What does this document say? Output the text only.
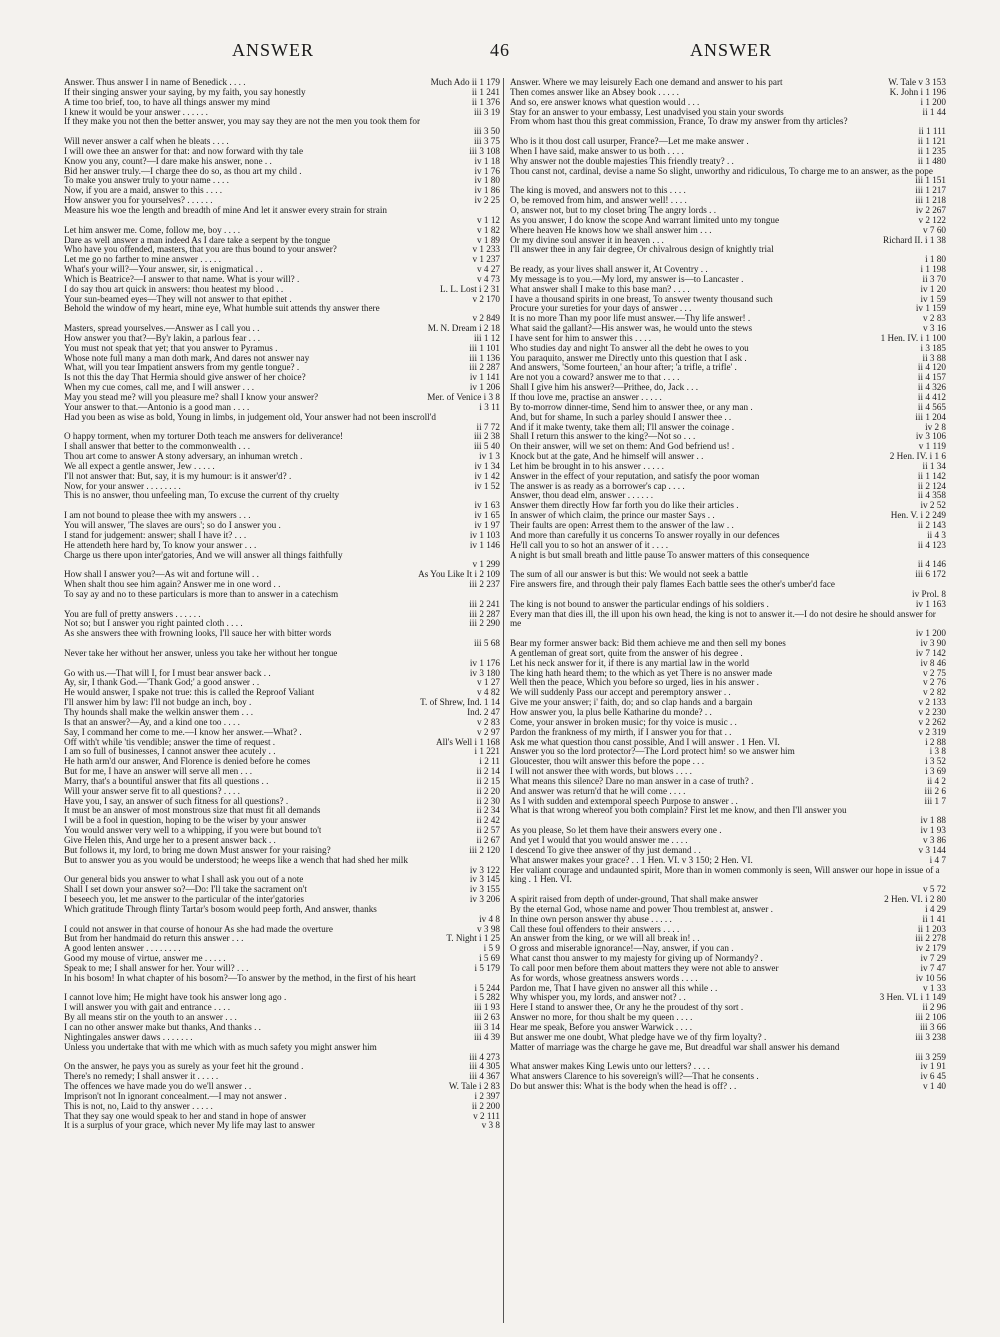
ANSWER	46	ANSWER
Answer. Thus answer I in name of Benedick . . . .	Much Ado ii 1 179
If their singing answer your saying, by my faith, you say honestly	ii 1 241
A time too brief, too, to have all things answer my mind	ii 1 376
I knew it would be your answer . . . . . .	iii 3 19
If they make you not then the better answer, you may say they are not the men you took them for
iii 3 50
Will never answer a calf when he bleats . . . .	iii 3 75
I will owe thee an answer for that: and now forward with thy tale	iii 3 108
Know you any, count?—I dare make his answer, none . .	iv 1 18
Bid her answer truly.—I charge thee do so, as thou art my child .	iv 1 76
To make you answer truly to your name . . . .	iv 1 80
Now, if you are a maid, answer to this . . . .	iv 1 86
How answer you for yourselves? . . . . . .	iv 2 25
Measure his woe the length and breadth of mine And let it answer every strain for strain
v 1 12
Let him answer me. Come, follow me, boy . . . .	v 1 82
Dare as well answer a man indeed As I dare take a serpent by the tongue	v 1 89
Who have you offended, masters, that you are thus bound to your answer?	v 1 233
Let me go no farther to mine answer . . . . .	v 1 237
What's your will?—Your answer, sir, is enigmatical . .	v 4 27
Which is Beatrice?—I answer to that name. What is your will? .	v 4 73
I do say thou art quick in answers: thou heatest my blood . .	L. L. Lost i 2 31
Your sun-beamed eyes—They will not answer to that epithet .	v 2 170
Behold the window of my heart, mine eye, What humble suit attends thy answer there
v 2 849
Masters, spread yourselves.—Answer as I call you . .	M. N. Dream i 2 18
How answer you that?—By'r lakin, a parlous fear . . .	iii 1 12
You must not speak that yet; that you answer to Pyramus .	iii 1 101
Whose note full many a man doth mark, And dares not answer nay	iii 1 136
What, will you tear Impatient answers from my gentle tongue? .	iii 2 287
Is not this the day That Hermia should give answer of her choice?	iv 1 141
When my cue comes, call me, and I will answer . . .	iv 1 206
May you stead me? will you pleasure me? shall I know your answer?	Mer. of Venice i 3 8
Your answer to that.—Antonio is a good man . . . .	i 3 11
Had you been as wise as bold, Young in limbs, in judgement old, Your answer had not been inscroll'd
ii 7 72
O happy torment, when my torturer Doth teach me answers for deliverance!	iii 2 38
I shall answer that better to the commonwealth . . .	iii 5 40
Thou art come to answer A stony adversary, an inhuman wretch .	iv 1 3
We all expect a gentle answer, Jew . . . . .	iv 1 34
I'll not answer that: But, say, it is my humour: is it answer'd? .	iv 1 42
Now, for your answer . . . . . . . .	iv 1 52
This is no answer, thou unfeeling man, To excuse the current of thy cruelty
iv 1 63
I am not bound to please thee with my answers . . .	iv 1 65
You will answer, 'The slaves are ours'; so do I answer you .	iv 1 97
I stand for judgement: answer; shall I have it? . . .	iv 1 103
He attendeth here hard by, To know your answer . . .	iv 1 146
Charge us there upon inter'gatories, And we will answer all things faithfully
v 1 299
How shall I answer you?—As wit and fortune will . .	As You Like It i 2 109
When shalt thou see him again? Answer me in one word . .	iii 2 237
To say ay and no to these particulars is more than to answer in a catechism
iii 2 241
You are full of pretty answers . . . . . .	iii 2 287
Not so; but I answer you right painted cloth . . . .	iii 2 290
As she answers thee with frowning looks, I'll sauce her with bitter words
iii 5 68
Never take her without her answer, unless you take her without her tongue
iv 1 176
Go with us.—That will I, for I must bear answer back . .	iv 3 180
Ay, sir, I thank God.—'Thank God;' a good answer . .	v 1 27
He would answer, I spake not true: this is called the Reproof Valiant	v 4 82
I'll answer him by law: I'll not budge an inch, boy .	T. of Shrew, Ind. 1 14
Thy hounds shall make the welkin answer them . . .	Ind. 2 47
Is that an answer?—Ay, and a kind one too . . . .	v 2 83
Say, I command her come to me.—I know her answer.—What? .	v 2 97
Off with't while 'tis vendible; answer the time of request .	All's Well i 1 168
I am so full of businesses, I cannot answer thee acutely . .	i 1 221
He hath arm'd our answer, And Florence is denied before he comes	i 2 11
But for me, I have an answer will serve all men . . .	ii 2 14
Marry, that's a bountiful answer that fits all questions . .	ii 2 15
Will your answer serve fit to all questions? . . . .	ii 2 20
Have you, I say, an answer of such fitness for all questions? .	ii 2 30
It must be an answer of most monstrous size that must fit all demands	ii 2 34
I will be a fool in question, hoping to be the wiser by your answer	ii 2 42
You would answer very well to a whipping, if you were but bound to't	ii 2 57
Give Helen this, And urge her to a present answer back . .	ii 2 67
But follows it, my lord, to bring me down Must answer for your raising?	iii 2 120
But to answer you as you would be understood; he weeps like a wench that had shed her milk
iv 3 122
Our general bids you answer to what I shall ask you out of a note	iv 3 145
Shall I set down your answer so?—Do: I'll take the sacrament on't	iv 3 155
I beseech you, let me answer to the particular of the inter'gatories	iv 3 206
Which gratitude Through flinty Tartar's bosom would peep forth, And answer, thanks
iv 4 8
I could not answer in that course of honour As she had made the overture	v 3 98
But from her handmaid do return this answer . . .	T. Night i 1 25
A good lenten answer . . . . . . . .	i 5 9
Good my mouse of virtue, answer me . . . . .	i 5 69
Speak to me; I shall answer for her. Your will? . . .	i 5 179
In his bosom! In what chapter of his bosom?—To answer by the method, in the first of his heart
i 5 244
I cannot love him; He might have took his answer long ago .	i 5 282
I will answer you with gait and entrance . . . .	iii 1 93
By all means stir on the youth to an answer . . .	iii 2 63
I can no other answer make but thanks, And thanks . .	iii 3 14
Nightingales answer daws . . . . . . .	iii 4 39
Unless you undertake that with me which with as much safety you might answer him
iii 4 273
On the answer, he pays you as surely as your feet hit the ground .	iii 4 305
There's no remedy; I shall answer it . . . . .	iii 4 367
The offences we have made you do we'll answer . .	W. Tale i 2 83
Imprison't not In ignorant concealment.—I may not answer .	i 2 397
This is not, no, Laid to thy answer . . . . .	ii 2 200
That they say one would speak to her and stand in hope of answer	v 2 111
It is a surplus of your grace, which never My life may last to answer	v 3 8
Answer. Where we may leisurely Each one demand and answer to his part	W. Tale v 3 153
Then comes answer like an Absey book . . . . .	K. John i 1 196
And so, ere answer knows what question would . . .	i 1 200
Stay for an answer to your embassy, Lest unadvised you stain your swords	ii 1 44
From whom hast thou this great commission, France, To draw my answer from thy articles?
ii 1 111
Who is it thou dost call usurper, France?—Let me make answer .	ii 1 121
When I have said, make answer to us both . . . .	ii 1 235
Why answer not the double majesties This friendly treaty? . .	ii 1 480
Thou canst not, cardinal, devise a name So slight, unworthy and ridiculous, To charge me to an answer, as the pope
iii 1 151
The king is moved, and answers not to this . . . .	iii 1 217
O, be removed from him, and answer well! . . . .	iii 1 218
O, answer not, but to my closet bring The angry lords . .	iv 2 267
As you answer, I do know the scope And warrant limited unto my tongue	v 2 122
Where heaven He knows how we shall answer him . . .	v 7 60
Or my divine soul answer it in heaven . . .	Richard II. i 1 38
I'll answer thee in any fair degree, Or chivalrous design of knightly trial
i 1 80
Be ready, as your lives shall answer it, At Coventry . .	i 1 198
My message is to you.—My lord, my answer is—to Lancaster .	ii 3 70
What answer shall I make to this base man? . . . .	iv 1 20
I have a thousand spirits in one breast, To answer twenty thousand such	iv 1 59
Procure your sureties for your days of answer . . .	iv 1 159
It is no more Than my poor life must answer.—Thy life answer! .	v 2 83
What said the gallant?—His answer was, he would unto the stews	v 3 16
I have sent for him to answer this . . . .	1 Hen. IV. i 1 100
Who studies day and night To answer all the debt he owes to you	i 3 185
You paraquito, answer me Directly unto this question that I ask .	ii 3 88
And answers, 'Some fourteen,' an hour after; 'a trifle, a trifle' .	ii 4 120
Are not you a coward? answer me to that . . . .	ii 4 157
Shall I give him his answer?—Prithee, do, Jack . . .	ii 4 326
If thou love me, practise an answer . . . . .	ii 4 412
By to-morrow dinner-time, Send him to answer thee, or any man .	ii 4 565
And, but for shame, In such a parley should I answer thee . .	iii 1 204
And if it make twenty, take them all; I'll answer the coinage .	iv 2 8
Shall I return this answer to the king?—Not so . . .	iv 3 106
On their answer, will we set on them: And God befriend us! .	v 1 119
Knock but at the gate, And he himself will answer . .	2 Hen. IV. i 1 6
Let him be brought in to his answer . . . . .	ii 1 34
Answer in the effect of your reputation, and satisfy the poor woman	ii 1 142
The answer is as ready as a borrower's cap . . . .	ii 2 124
Answer, thou dead elm, answer . . . . . .	ii 4 358
Answer them directly How far forth you do like their articles .	iv 2 52
In answer of which claim, the prince our master Says . .	Hen. V. i 2 249
Their faults are open: Arrest them to the answer of the law . .	ii 2 143
And more than carefully it us concerns To answer royally in our defences	ii 4 3
He'll call you to so hot an answer of it . . . .	ii 4 123
A night is but small breath and little pause To answer matters of this consequence
ii 4 146
The sum of all our answer is but this: We would not seek a battle	iii 6 172
Fire answers fire, and through their paly flames Each battle sees the other's umber'd face
iv Prol. 8
The king is not bound to answer the particular endings of his soldiers .	iv 1 163
Every man that dies ill, the ill upon his own head, the king is not to answer it.—I do not desire he should answer for me
iv 1 200
Bear my former answer back: Bid them achieve me and then sell my bones	iv 3 90
A gentleman of great sort, quite from the answer of his degree .	iv 7 142
Let his neck answer for it, if there is any martial law in the world	iv 8 46
The king hath heard them; to the which as yet There is no answer made	v 2 75
Well then the peace, Which you before so urged, lies in his answer .	v 2 76
We will suddenly Pass our accept and peremptory answer . .	v 2 82
Give me your answer; i' faith, do; and so clap hands and a bargain	v 2 133
How answer you, la plus belle Katharine du monde? . .	v 2 230
Come, your answer in broken music; for thy voice is music . .	v 2 262
Pardon the frankness of my mirth, if I answer you for that . .	v 2 319
Ask me what question thou canst possible, And I will answer . 1 Hen. VI.	i 2 88
Answer you so the lord protector?—The Lord protect him! so we answer him	i 3 8
Gloucester, thou wilt answer this before the pope . . .	i 3 52
I will not answer thee with words, but blows . . . .	i 3 69
What means this silence? Dare no man answer in a case of truth? .	ii 4 2
And answer was return'd that he will come . . . .	iii 2 6
As I with sudden and extemporal speech Purpose to answer . .	iii 1 7
What is that wrong whereof you both complain? First let me know, and then I'll answer you
iv 1 88
As you please, So let them have their answers every one .	iv 1 93
And yet I would that you would answer me . . . .	v 3 86
I descend To give thee answer of thy just demand . .	v 3 144
What answer makes your grace? . . 1 Hen. VI. v 3 150; 2 Hen. VI.	i 4 7
Her valiant courage and undaunted spirit, More than in women commonly is seen, Will answer our hope in issue of a king . 1 Hen. VI.
v 5 72
A spirit raised from depth of under-ground, That shall make answer	2 Hen. VI. i 2 80
By the eternal God, whose name and power Thou tremblest at, answer .	i 4 29
In thine own person answer thy abuse . . . . .	ii 1 41
Call these foul offenders to their answers . . . .	ii 1 203
An answer from the king, or we will all break in! . .	iii 2 278
O gross and miserable ignorance!—Nay, answer, if you can .	iv 2 179
What canst thou answer to my majesty for giving up of Normandy? .	iv 7 29
To call poor men before them about matters they were not able to answer	iv 7 47
As for words, whose greatness answers words . . . .	iv 10 56
Pardon me, That I have given no answer all this while . .	v 1 33
Why whisper you, my lords, and answer not? . .	3 Hen. VI. i 1 149
Here I stand to answer thee, Or any he the proudest of thy sort .	ii 2 96
Answer no more, for thou shalt be my queen . . . .	iii 2 106
Hear me speak, Before you answer Warwick . . . .	iii 3 66
But answer me one doubt, What pledge have we of thy firm loyalty? .	iii 3 238
Matter of marriage was the charge he gave me, But dreadful war shall answer his demand
iii 3 259
What answer makes King Lewis unto our letters? . . . .	iv 1 91
What answers Clarence to his sovereign's will?—That he consents .	iv 6 45
Do but answer this: What is the body when the head is off? . .	v 1 40
